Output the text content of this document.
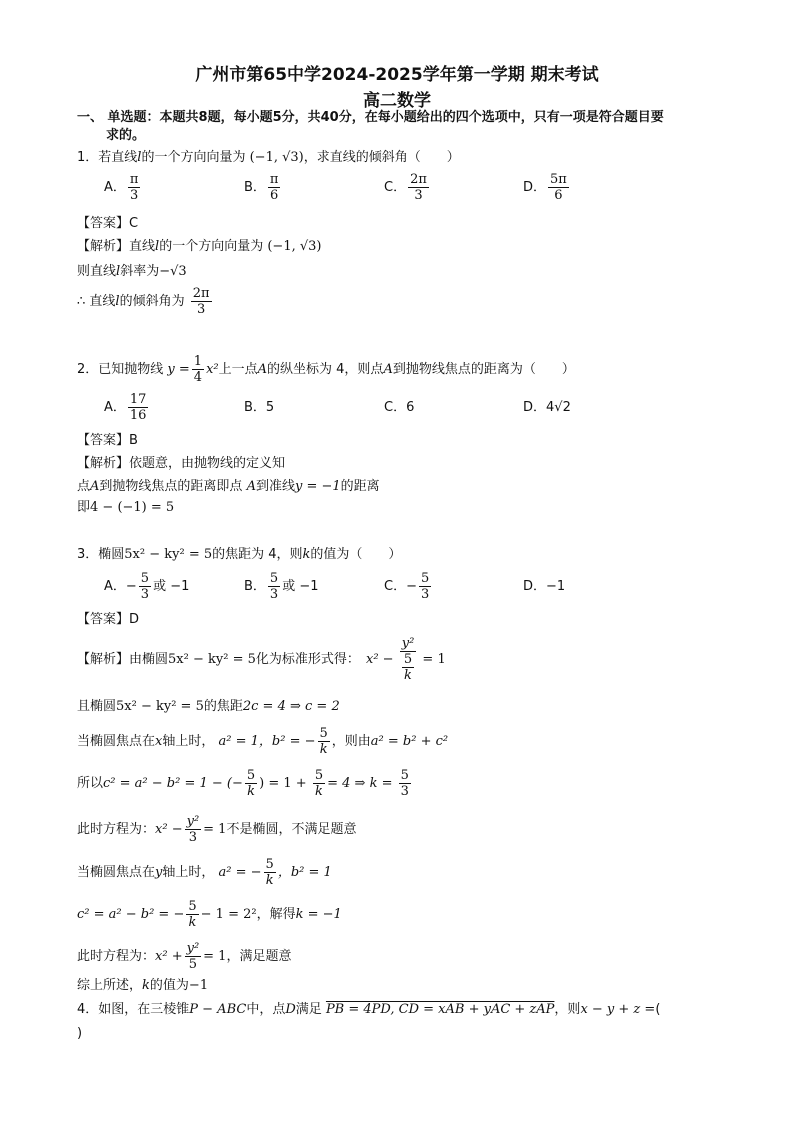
广州市第65中学2024-2025学年第一学期 期末考试
高二数学
一、 单选题：本题共8题，每小题5分，共40分，在每小题给出的四个选项中，只有一项是符合题目要
求的。
1．若直线l的一个方向向量为 (−1, √3)，求直线的倾斜角（　　）
A． $\frac{\pi}{3}$	B． $\frac{\pi}{6}$	C． $\frac{2\pi}{3}$	D． $\frac{5\pi}{6}$
【答案】C
【解析】直线l的一个方向向量为 (−1, √3)
则直线l斜率为−√3
∴ 直线l的倾斜角为 $\frac{2\pi}{3}$
2．已知抛物线 $y = \frac{1}{4} x^2$上一点A的纵坐标为 4，则点A到抛物线焦点的距离为（　　）
A． $\frac{17}{16}$	B．5	C．6	D．4√2
【答案】B
【解析】依题意，由抛物线的定义知
点A到抛物线焦点的距离即点 A到准线y = −1的距离
即4 − (−1) = 5
3．椭圆5x² − ky² = 5的焦距为 4，则k的值为（　　）
A．− $\frac{5}{3}$ 或 −1	B． $\frac{5}{3}$ 或 −1	C．− $\frac{5}{3}$	D．−1
【答案】D
【解析】由椭圆5x² − ky² = 5化为标准形式得： $x^2 - \frac{\text{y²}}{\frac{5}{k}} = 1$
且椭圆5x² − ky² = 5的焦距2c = 4 ⇒ c = 2
当椭圆焦点在x轴上时， a² = 1，b² = − $\frac{5}{k}$ ，则由a² = b² + c²
所以c² = a² − b² = 1 − (− $\frac{5}{k}$ ) = $1 + \frac{5}{k} = 4$ ⇒ $k = \frac{5}{3}$
此时方程为：$x^2 - \frac{\text{y²}}{3} = 1$不是椭圆，不满足题意
当椭圆焦点在y轴上时， a² = − $\frac{5}{k}$ ，b² = 1
c² = a² − b² = − $\frac{5}{k} - 1 = 2^2$，解得k = −1
此时方程为：$x^2 + \frac{\text{y²}}{5} = 1$，满足题意
综上所述，k的值为−1
4．如图，在三棱锥P − ABC中，点D满足 PB = 4PD, CD = xAB + yAC + zAP，则x − y + z =(
)
